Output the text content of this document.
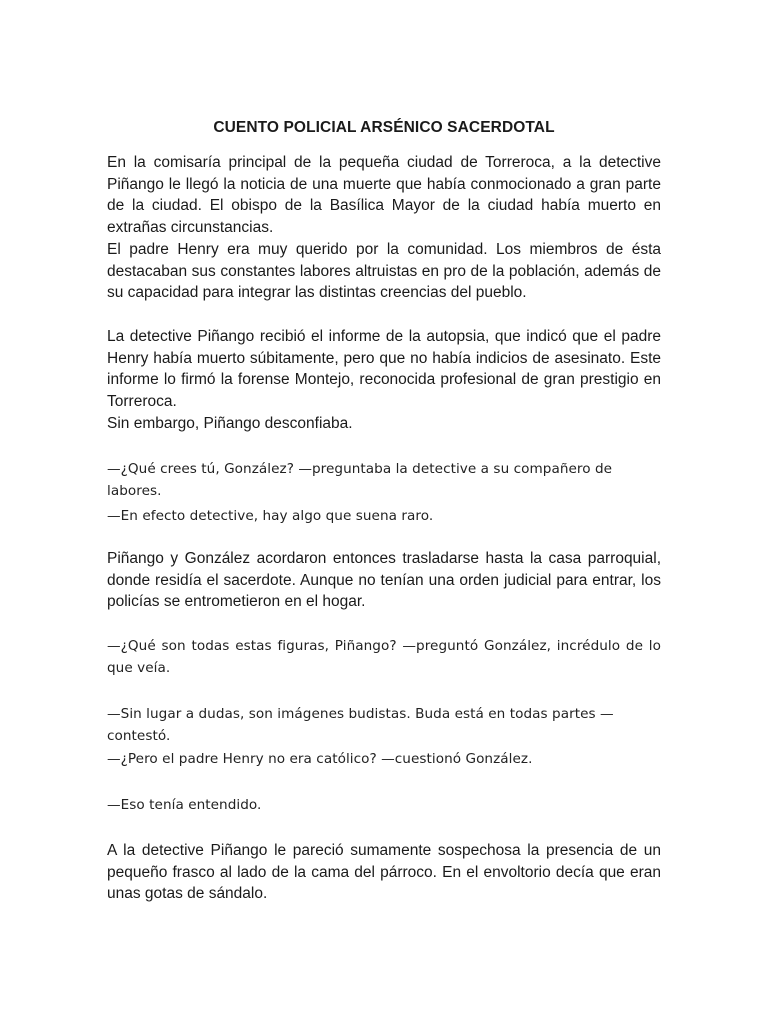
CUENTO POLICIAL ARSÉNICO SACERDOTAL

En la comisaría principal de la pequeña ciudad de Torreroca, a la detective Piñango le llegó la noticia de una muerte que había conmocionado a gran parte de la ciudad. El obispo de la Basílica Mayor de la ciudad había muerto en extrañas circunstancias.

El padre Henry era muy querido por la comunidad. Los miembros de ésta destacaban sus constantes labores altruistas en pro de la población, además de su capacidad para integrar las distintas creencias del pueblo.

La detective Piñango recibió el informe de la autopsia, que indicó que el padre Henry había muerto súbitamente, pero que no había indicios de asesinato. Este informe lo firmó la forense Montejo, reconocida profesional de gran prestigio en Torreroca.

Sin embargo, Piñango desconfiaba.

—¿Qué crees tú, González? —preguntaba la detective a su compañero de labores.

—En efecto detective, hay algo que suena raro.

Piñango y González acordaron entonces trasladarse hasta la casa parroquial, donde residía el sacerdote. Aunque no tenían una orden judicial para entrar, los policías se entrometieron en el hogar.

—¿Qué son todas estas figuras, Piñango? —preguntó González, incrédulo de lo que veía.

—Sin lugar a dudas, son imágenes budistas. Buda está en todas partes — contestó.

—¿Pero el padre Henry no era católico? —cuestionó González.

—Eso tenía entendido.

A la detective Piñango le pareció sumamente sospechosa la presencia de un pequeño frasco al lado de la cama del párroco. En el envoltorio decía que eran unas gotas de sándalo.
